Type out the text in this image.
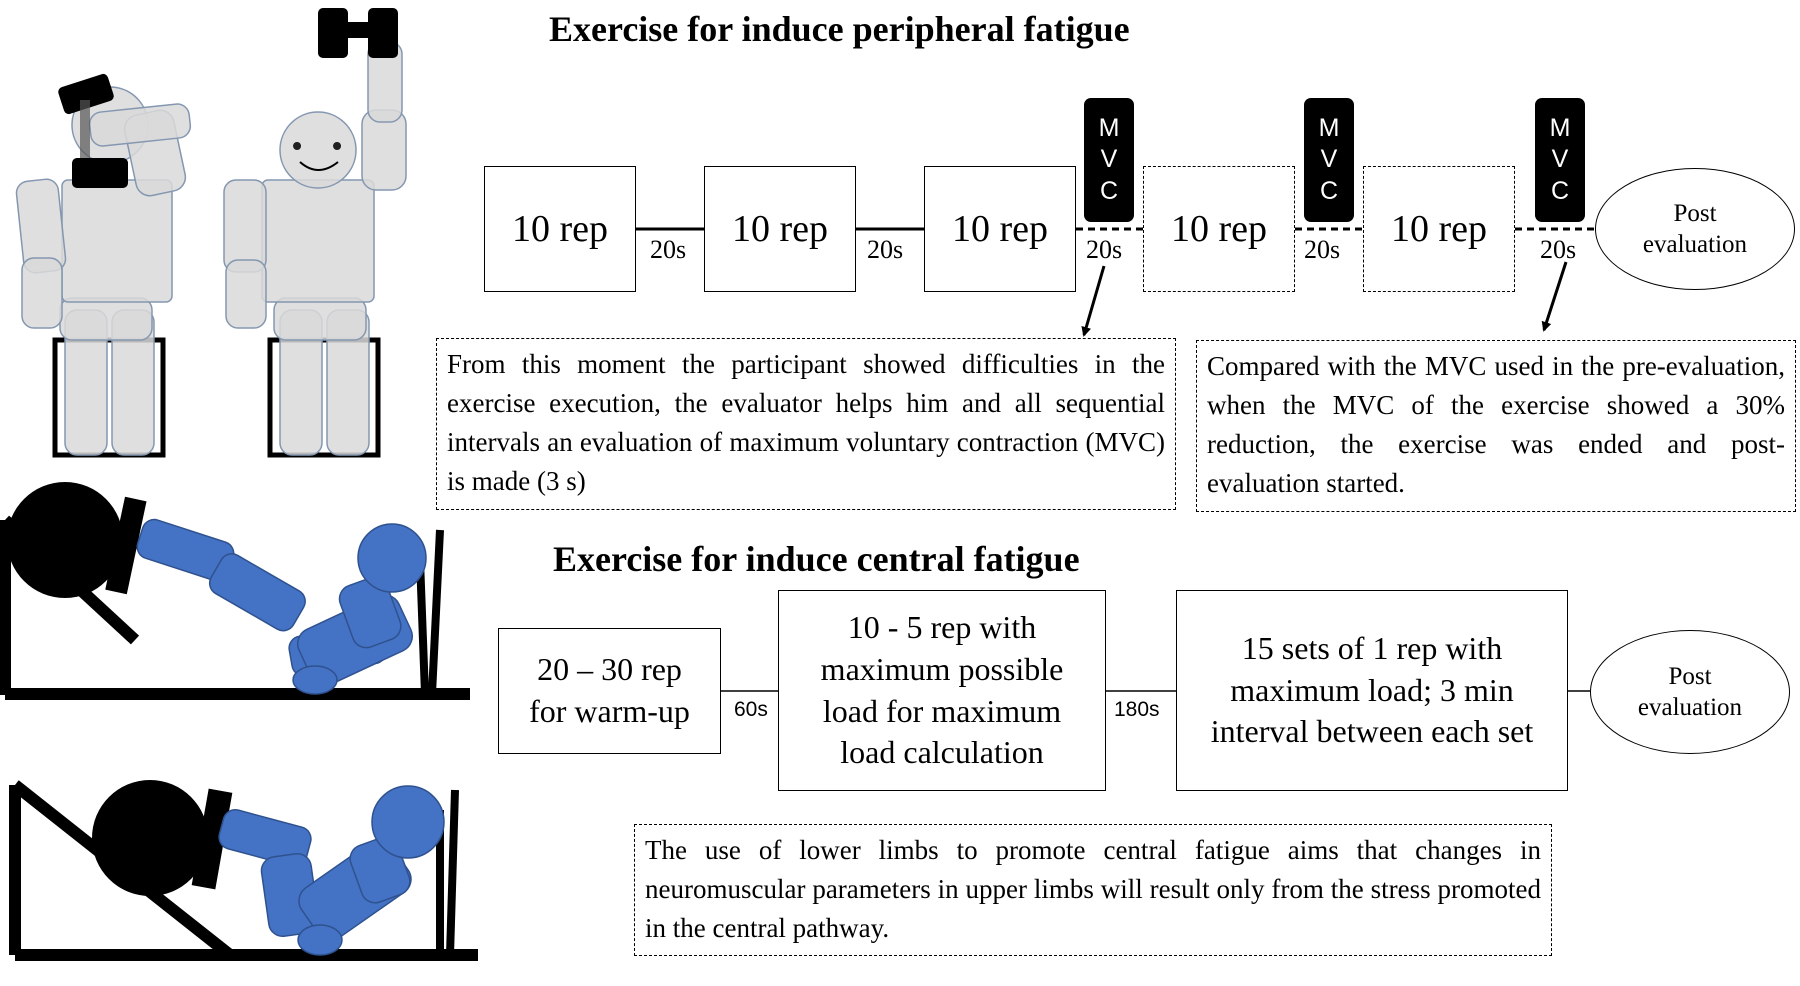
Exercise for induce peripheral fatigue
10 rep	10 rep	10 rep	10 rep	10 rep
20s	20s	20s	20s	20s
M
V
C
M
V
C
M
V
C
Post
evaluation
From this moment the participant showed difficulties in the exercise execution, the evaluator helps him and all sequential intervals an evaluation of maximum voluntary contraction (MVC) is made (3 s)
Compared with the MVC used in the pre-evaluation, when the MVC of the exercise showed a 30% reduction, the exercise was ended and post-evaluation started.
Exercise for induce central fatigue
20 – 30 rep
for warm-up
10 - 5 rep with
maximum possible
load for maximum
load calculation
15 sets of 1 rep with
maximum load; 3 min
interval between each set
60s	180s
Post
evaluation
The use of lower limbs to promote central fatigue aims that changes in neuromuscular parameters in upper limbs will result only from the stress promoted in the central pathway.
